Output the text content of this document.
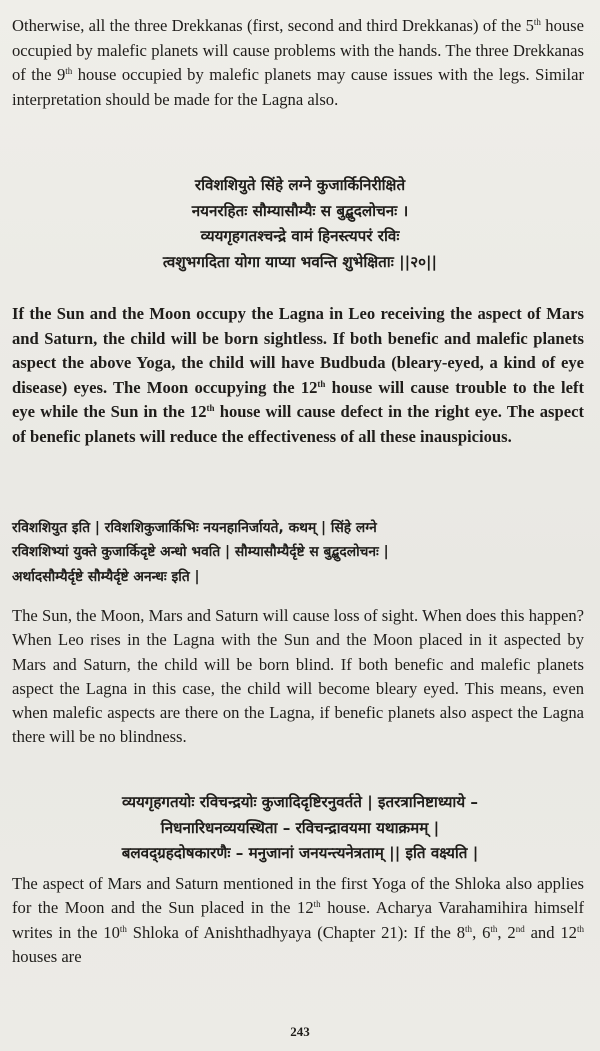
Otherwise, all the three Drekkanas (first, second and third Drekkanas) of the 5th house occupied by malefic planets will cause problems with the hands. The three Drekkanas of the 9th house occupied by malefic planets may cause issues with the legs. Similar interpretation should be made for the Lagna also.

रविशशियुते सिंहे लग्ने कुजार्किनिरीक्षिते
नयनरहितः सौम्यासौम्यैः स बुद्बुदलोचनः ।
व्ययगृहगतश्चन्द्रे वामं हिनस्त्यपरं रविः
त्वशुभगदिता योगा याप्या भवन्ति शुभेक्षिताः ||२०||

If the Sun and the Moon occupy the Lagna in Leo receiving the aspect of Mars and Saturn, the child will be born sightless. If both benefic and malefic planets aspect the above Yoga, the child will have Budbuda (bleary-eyed, a kind of eye disease) eyes. The Moon occupying the 12th house will cause trouble to the left eye while the Sun in the 12th house will cause defect in the right eye. The aspect of benefic planets will reduce the effectiveness of all these inauspicious.

रविशशियुत इति | रविशशिकुजार्किभिः नयनहानिर्जायते, कथम् | सिंहे लग्ने
रविशशिभ्यां युक्ते कुजार्किदृष्टे अन्धो भवति | सौम्यासौम्यैर्दृष्टे स बुद्बुदलोचनः |
अर्थादसौम्यैर्दृष्टे सौम्यैर्दृष्टे अनन्धः इति |

The Sun, the Moon, Mars and Saturn will cause loss of sight. When does this happen? When Leo rises in the Lagna with the Sun and the Moon placed in it aspected by Mars and Saturn, the child will be born blind. If both benefic and malefic planets aspect the Lagna in this case, the child will become bleary eyed. This means, even when malefic aspects are there on the Lagna, if benefic planets also aspect the Lagna there will be no blindness.

व्ययगृहगतयोः रविचन्द्रयोः कुजादिदृष्टिरनुवर्तते | इतरत्रानिष्टाध्याये –
निधनारिधनव्ययस्थिता – रविचन्द्रावयमा यथाक्रमम् |
बलवद्ग्रहदोषकारणैः – मनुजानां जनयन्त्यनेत्रताम् || इति वक्ष्यति |

The aspect of Mars and Saturn mentioned in the first Yoga of the Shloka also applies for the Moon and the Sun placed in the 12th house. Acharya Varahamihira himself writes in the 10th Shloka of Anishthadhyaya (Chapter 21): If the 8th, 6th, 2nd and 12th houses are

243
